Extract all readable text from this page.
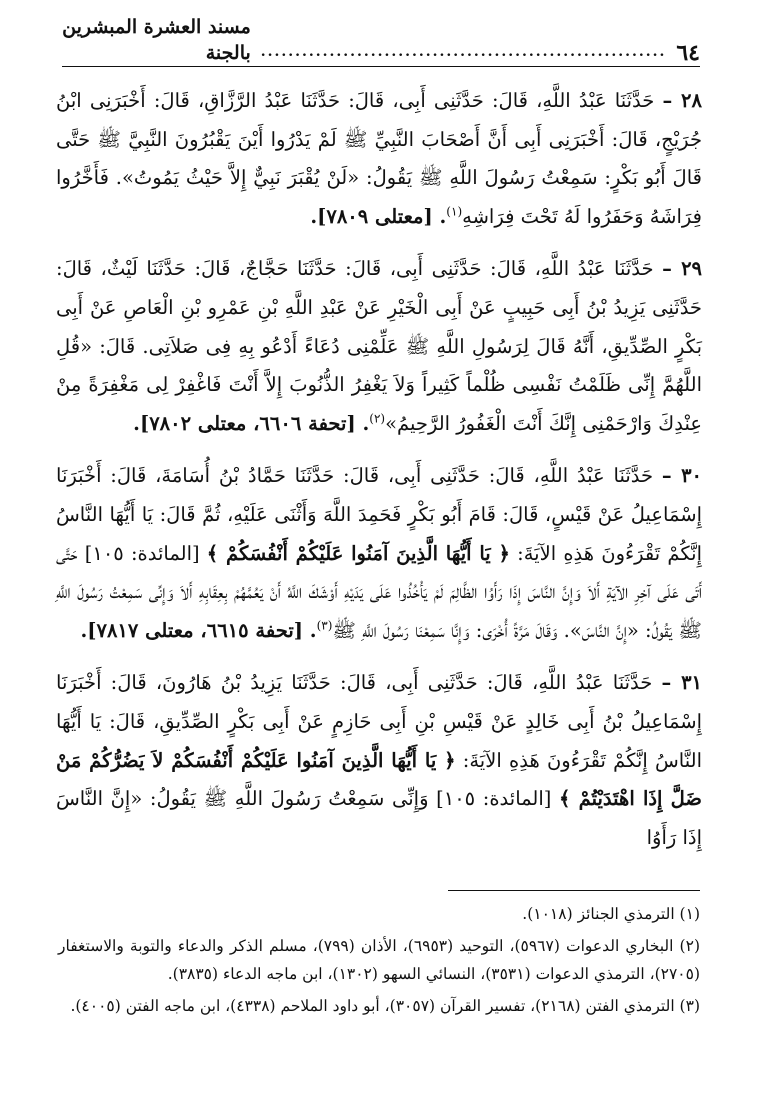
٦٤
...........................................................
مسند العشرة المبشرين بالجنة

٢٨ – حَدَّثَنَا عَبْدُ اللَّهِ، قَالَ: حَدَّثَنِى أَبِى، قَالَ: حَدَّثَنَا عَبْدُ الرَّزَّاقِ، قَالَ: أَخْبَرَنِى ابْنُ جُرَيْجٍ، قَالَ: أَخْبَرَنِى أَبِى أَنَّ أَصْحَابَ النَّبِيِّ ﷺ لَمْ يَدْرُوا أَيْنَ يَقْبُرُونَ النَّبِيَّ ﷺ حَتَّى قَالَ أَبُو بَكْرٍ: سَمِعْتُ رَسُولَ اللَّهِ ﷺ يَقُولُ: «لَنْ يُقْبَرَ نَبِيٌّ إِلاَّ حَيْثُ يَمُوتُ». فَأَخَّرُوا فِرَاشَهُ وَحَفَرُوا لَهُ تَحْتَ فِرَاشِهِ$^{(١)}$. [معتلى ٧٨٠٩].

٢٩ – حَدَّثَنَا عَبْدُ اللَّهِ، قَالَ: حَدَّثَنِى أَبِى، قَالَ: حَدَّثَنَا حَجَّاجٌ، قَالَ: حَدَّثَنَا لَيْثٌ، قَالَ: حَدَّثَنِى يَزِيدُ بْنُ أَبِى حَبِيبٍ عَنْ أَبِى الْخَيْرِ عَنْ عَبْدِ اللَّهِ بْنِ عَمْرِو بْنِ الْعَاصِ عَنْ أَبِى بَكْرٍ الصِّدِّيقِ، أَنَّهُ قَالَ لِرَسُولِ اللَّهِ ﷺ عَلِّمْنِى دُعَاءً أَدْعُو بِهِ فِى صَلاَتِى. قَالَ: «قُلِ اللَّهُمَّ إِنِّى ظَلَمْتُ نَفْسِى ظُلْماً كَثِيراً وَلاَ يَغْفِرُ الذُّنُوبَ إِلاَّ أَنْتَ فَاغْفِرْ لِى مَغْفِرَةً مِنْ عِنْدِكَ وَارْحَمْنِى إِنَّكَ أَنْتَ الْغَفُورُ الرَّحِيمُ»$^{(٢)}$. [تحفة ٦٦٠٦، معتلى ٧٨٠٢].

٣٠ – حَدَّثَنَا عَبْدُ اللَّهِ، قَالَ: حَدَّثَنِى أَبِى، قَالَ: حَدَّثَنَا حَمَّادُ بْنُ أُسَامَةَ، قَالَ: أَخْبَرَنَا إِسْمَاعِيلُ عَنْ قَيْسٍ، قَالَ: قَامَ أَبُو بَكْرٍ فَحَمِدَ اللَّهَ وَأَثْنَى عَلَيْهِ، ثُمَّ قَالَ: يَا أَيُّهَا النَّاسُ إِنَّكُمْ تَقْرَءُونَ هَذِهِ الآيَةَ: ﴿ يَا أَيُّهَا الَّذِينَ آمَنُوا عَلَيْكُمْ أَنْفُسَكُمْ ﴾ [المائدة: ١٠٥] حَتَّى أَتَى عَلَى آخِرِ الآيَةِ أَلاَ وَإِنَّ النَّاسَ إِذَا رَأَوُا الظَّالِمَ لَمْ يَأْخُذُوا عَلَى يَدَيْهِ أَوْشَكَ اللَّهُ أَنْ يَعُمَّهُمْ بِعِقَابِهِ أَلاَ وَإِنِّى سَمِعْتُ رَسُولَ اللَّهِ ﷺ يَقُولُ: «إِنَّ النَّاسَ». وَقَالَ مَرَّةً أُخْرَى: وَإِنَّا سَمِعْنَا رَسُولَ اللَّهِ ﷺ$^{(٣)}$. [تحفة ٦٦١٥، معتلى ٧٨١٧].

٣١ – حَدَّثَنَا عَبْدُ اللَّهِ، قَالَ: حَدَّثَنِى أَبِى، قَالَ: حَدَّثَنَا يَزِيدُ بْنُ هَارُونَ، قَالَ: أَخْبَرَنَا إِسْمَاعِيلُ بْنُ أَبِى خَالِدٍ عَنْ قَيْسِ بْنِ أَبِى حَازِمٍ عَنْ أَبِى بَكْرٍ الصِّدِّيقِ، قَالَ: يَا أَيُّهَا النَّاسُ إِنَّكُمْ تَقْرَءُونَ هَذِهِ الآيَةَ: ﴿ يَا أَيُّهَا الَّذِينَ آمَنُوا عَلَيْكُمْ أَنْفُسَكُمْ لاَ يَضُرُّكُمْ مَنْ ضَلَّ إِذَا اهْتَدَيْتُمْ ﴾ [المائدة: ١٠٥] وَإِنِّى سَمِعْتُ رَسُولَ اللَّهِ ﷺ يَقُولُ: «إِنَّ النَّاسَ إِذَا رَأَوُا

(١) الترمذي الجنائز (١٠١٨).

(٢) البخاري الدعوات (٥٩٦٧)، التوحيد (٦٩٥٣)، الأذان (٧٩٩)، مسلم الذكر والدعاء والتوبة والاستغفار (٢٧٠٥)، الترمذي الدعوات (٣٥٣١)، النسائي السهو (١٣٠٢)، ابن ماجه الدعاء (٣٨٣٥).

(٣) الترمذي الفتن (٢١٦٨)، تفسير القرآن (٣٠٥٧)، أبو داود الملاحم (٤٣٣٨)، ابن ماجه الفتن (٤٠٠٥).
